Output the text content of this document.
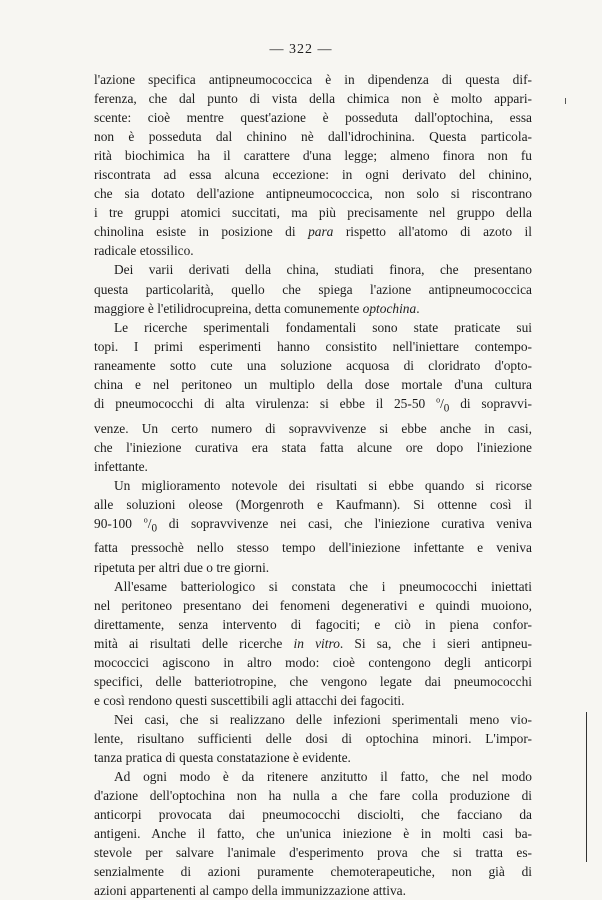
— 322 —
l'azione specifica antipneumococcica è in dipendenza di questa dif-
ferenza, che dal punto di vista della chimica non è molto appari-
scente: cioè mentre quest'azione è posseduta dall'optochina, essa
non è posseduta dal chinino nè dall'idrochinina. Questa particola-
rità biochimica ha il carattere d'una legge; almeno finora non fu
riscontrata ad essa alcuna eccezione: in ogni derivato del chinino,
che sia dotato dell'azione antipneumococcica, non solo si riscontrano
i tre gruppi atomici succitati, ma più precisamente nel gruppo della
chinolina esiste in posizione di para rispetto all'atomo di azoto il
radicale etossilico.
Dei varii derivati della china, studiati finora, che presentano
questa particolarità, quello che spiega l'azione antipneumococcica
maggiore è l'etilidrocupreina, detta comunemente optochina.
Le ricerche sperimentali fondamentali sono state praticate sui
topi. I primi esperimenti hanno consistito nell'iniettare contempo-
raneamente sotto cute una soluzione acquosa di cloridrato d'opto-
china e nel peritoneo un multiplo della dose mortale d'una cultura
di pneumococchi di alta virulenza: si ebbe il 25-50 $^o/_0$ di sopravvi-
venze. Un certo numero di sopravvivenze si ebbe anche in casi,
che l'iniezione curativa era stata fatta alcune ore dopo l'iniezione
infettante.
Un miglioramento notevole dei risultati si ebbe quando si ricorse
alle soluzioni oleose (Morgenroth e Kaufmann). Si ottenne così il
90-100 $^o/_0$ di sopravvivenze nei casi, che l'iniezione curativa veniva
fatta pressochè nello stesso tempo dell'iniezione infettante e veniva
ripetuta per altri due o tre giorni.
All'esame batteriologico si constata che i pneumococchi iniettati
nel peritoneo presentano dei fenomeni degenerativi e quindi muoiono,
direttamente, senza intervento di fagociti; e ciò in piena confor-
mità ai risultati delle ricerche in vitro. Si sa, che i sieri antipneu-
mococcici agiscono in altro modo: cioè contengono degli anticorpi
specifici, delle batteriotropine, che vengono legate dai pneumococchi
e così rendono questi suscettibili agli attacchi dei fagociti.
Nei casi, che si realizzano delle infezioni sperimentali meno vio-
lente, risultano sufficienti delle dosi di optochina minori. L'impor-
tanza pratica di questa constatazione è evidente.
Ad ogni modo è da ritenere anzitutto il fatto, che nel modo
d'azione dell'optochina non ha nulla a che fare colla produzione di
anticorpi provocata dai pneumococchi disciolti, che facciano da
antigeni. Anche il fatto, che un'unica iniezione è in molti casi ba-
stevole per salvare l'animale d'esperimento prova che si tratta es-
senzialmente di azioni puramente chemoterapeutiche, non già di
azioni appartenenti al campo della immunizzazione attiva.
